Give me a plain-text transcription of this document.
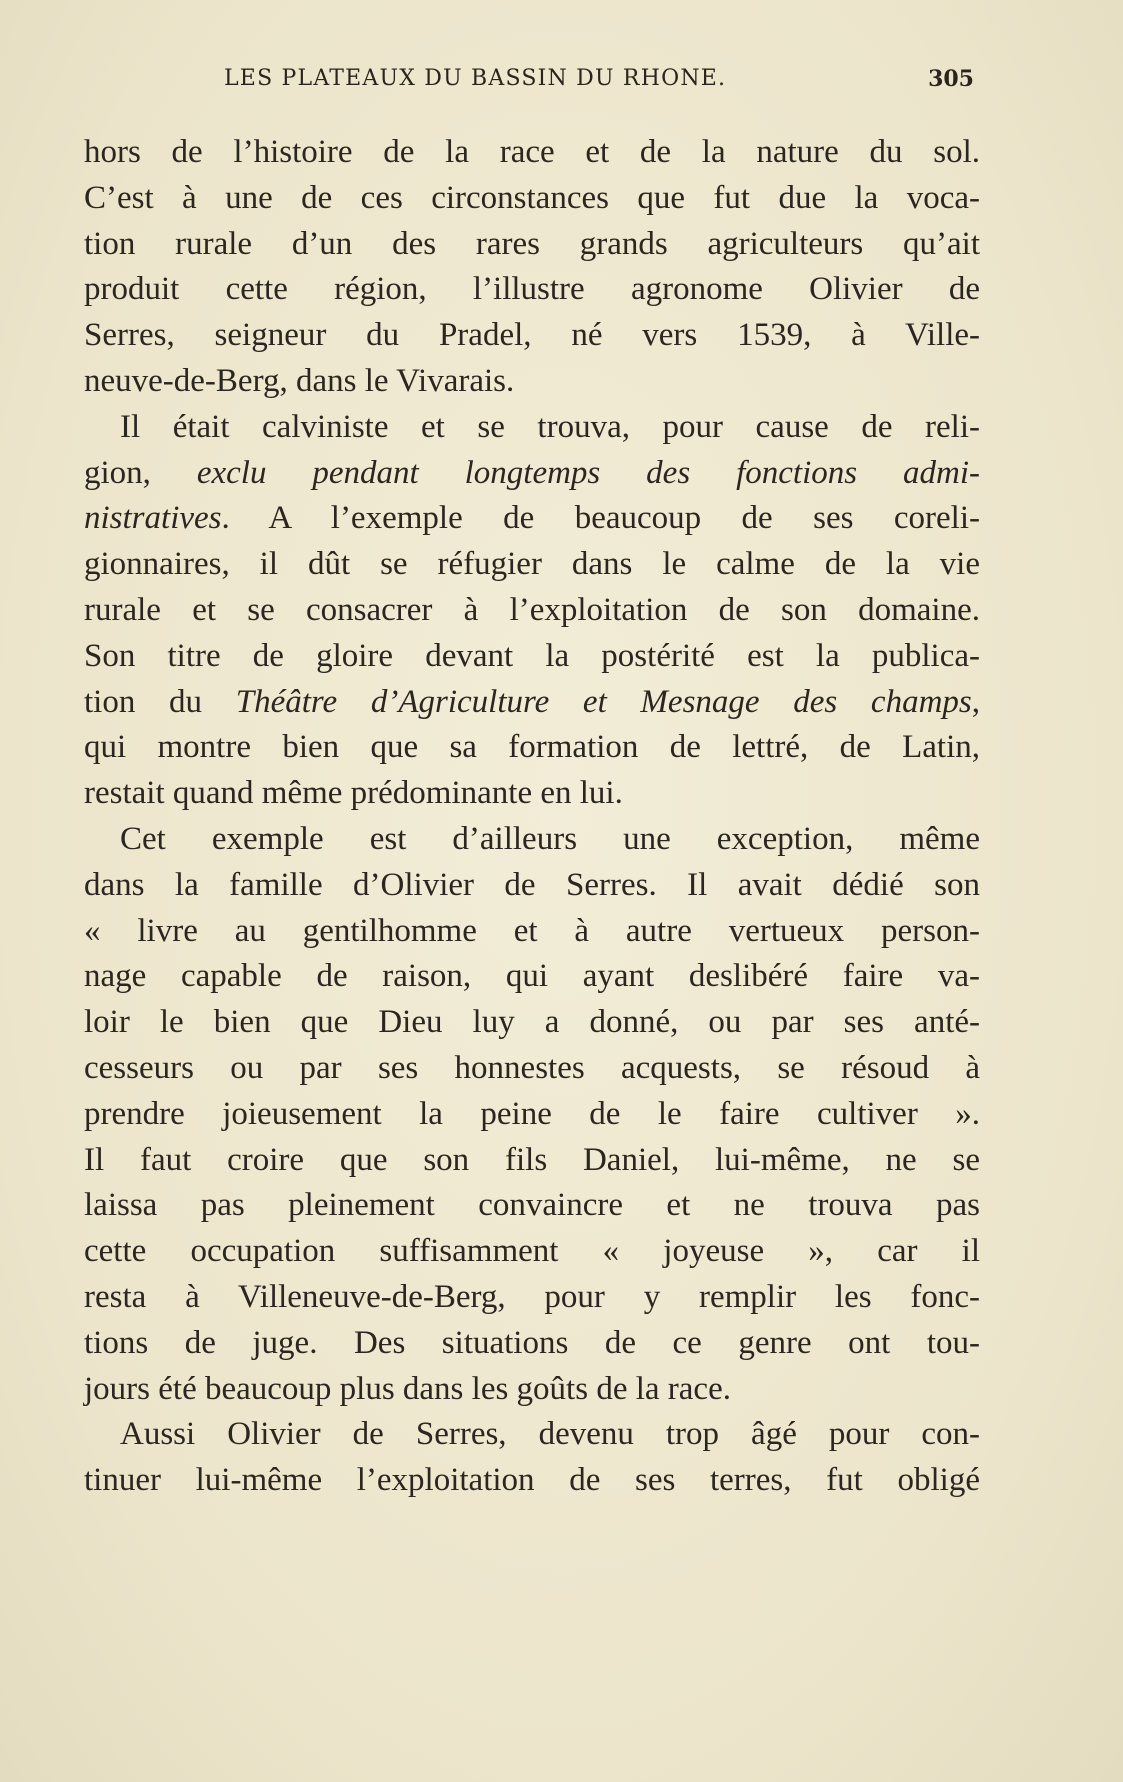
LES PLATEAUX DU BASSIN DU RHONE.	305
hors de l’histoire de la race et de la nature du sol.
C’est à une de ces circonstances que fut due la voca-
tion rurale d’un des rares grands agriculteurs qu’ait
produit cette région, l’illustre agronome Olivier de
Serres, seigneur du Pradel, né vers 1539, à Ville-
neuve-de-Berg, dans le Vivarais.
Il était calviniste et se trouva, pour cause de reli-
gion, exclu pendant longtemps des fonctions admi-
nistratives. A l’exemple de beaucoup de ses coreli-
gionnaires, il dût se réfugier dans le calme de la vie
rurale et se consacrer à l’exploitation de son domaine.
Son titre de gloire devant la postérité est la publica-
tion du Théâtre d’Agriculture et Mesnage des champs,
qui montre bien que sa formation de lettré, de Latin,
restait quand même prédominante en lui.
Cet exemple est d’ailleurs une exception, même
dans la famille d’Olivier de Serres. Il avait dédié son
« livre au gentilhomme et à autre vertueux person-
nage capable de raison, qui ayant deslibéré faire va-
loir le bien que Dieu luy a donné, ou par ses anté-
cesseurs ou par ses honnestes acquests, se résoud à
prendre joieusement la peine de le faire cultiver ».
Il faut croire que son fils Daniel, lui-même, ne se
laissa pas pleinement convaincre et ne trouva pas
cette occupation suffisamment « joyeuse », car il
resta à Villeneuve-de-Berg, pour y remplir les fonc-
tions de juge. Des situations de ce genre ont tou-
jours été beaucoup plus dans les goûts de la race.
Aussi Olivier de Serres, devenu trop âgé pour con-
tinuer lui-même l’exploitation de ses terres, fut obligé
